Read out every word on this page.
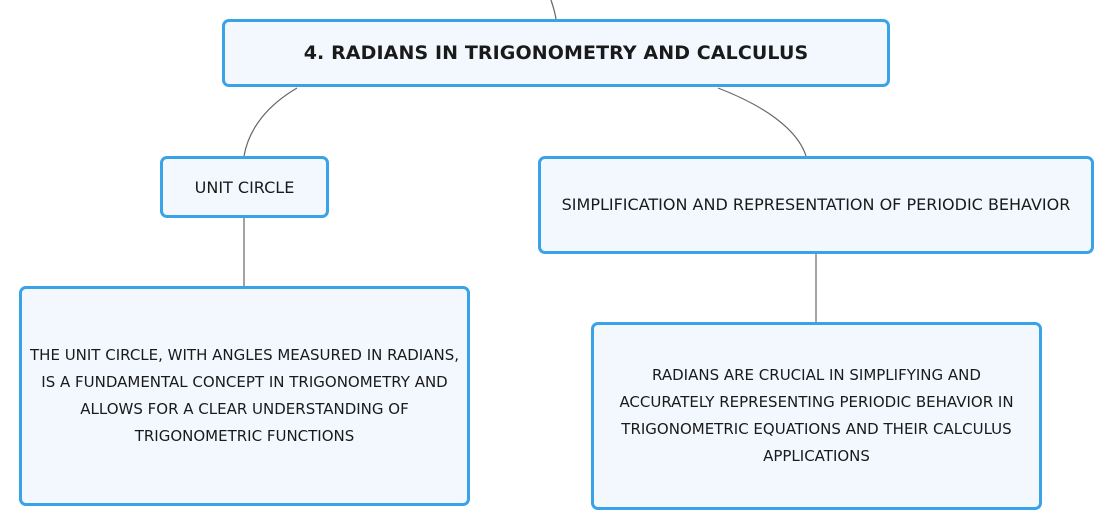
4. RADIANS IN TRIGONOMETRY AND CALCULUS
UNIT CIRCLE
SIMPLIFICATION AND REPRESENTATION OF PERIODIC BEHAVIOR
THE UNIT CIRCLE, WITH ANGLES MEASURED IN RADIANS, IS A FUNDAMENTAL CONCEPT IN TRIGONOMETRY AND ALLOWS FOR A CLEAR UNDERSTANDING OF TRIGONOMETRIC FUNCTIONS
RADIANS ARE CRUCIAL IN SIMPLIFYING AND ACCURATELY REPRESENTING PERIODIC BEHAVIOR IN TRIGONOMETRIC EQUATIONS AND THEIR CALCULUS APPLICATIONS
